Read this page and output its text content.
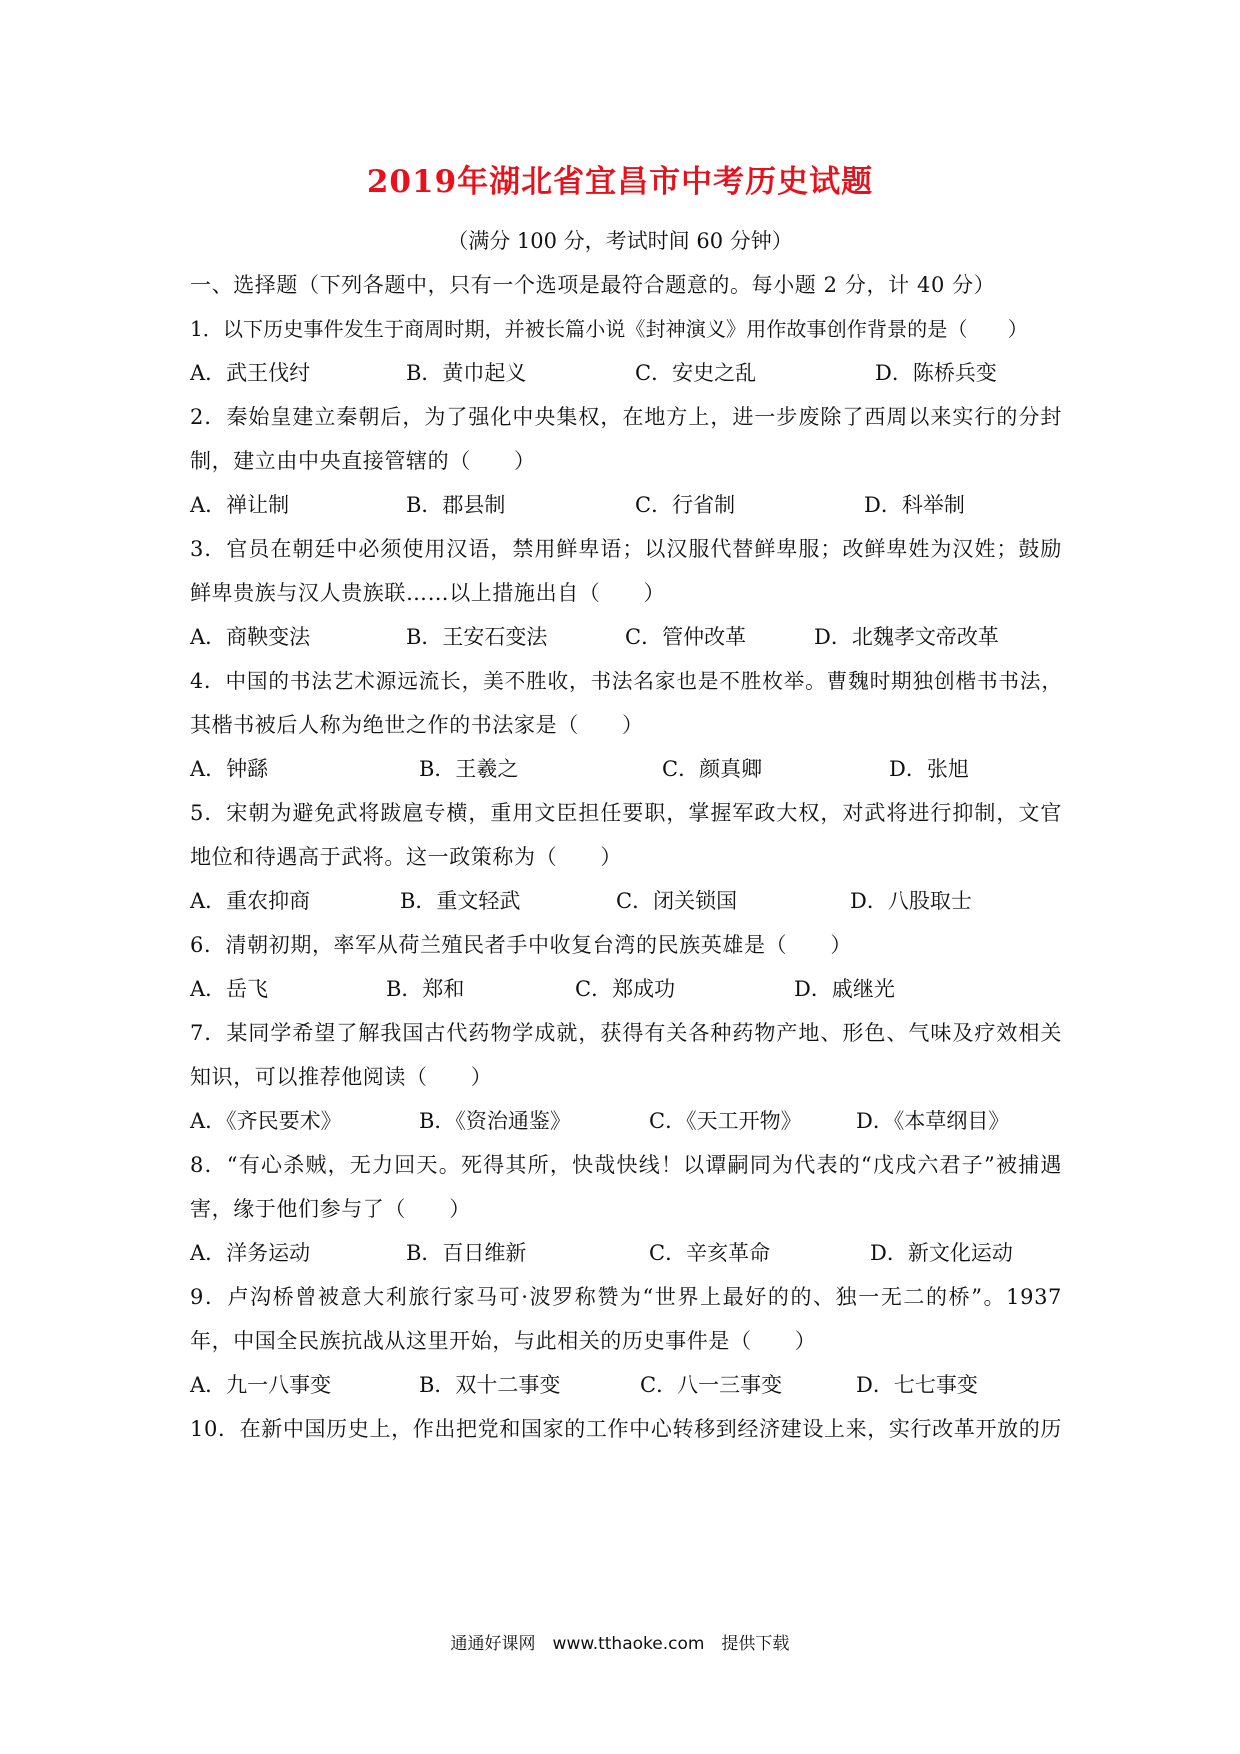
2019年湖北省宜昌市中考历史试题
（满分 100 分，考试时间 60 分钟）
一、选择题（下列各题中，只有一个选项是最符合题意的。每小题 2 分，计 40 分）
1．以下历史事件发生于商周时期，并被长篇小说《封神演义》用作故事创作背景的是（　　）
A．武王伐纣	B．黄巾起义	C．安史之乱	D．陈桥兵变
2．秦始皇建立秦朝后，为了强化中央集权，在地方上，进一步废除了西周以来实行的分封
制，建立由中央直接管辖的（　　）
A．禅让制	B．郡县制	C．行省制	D．科举制
3．官员在朝廷中必须使用汉语，禁用鲜卑语；以汉服代替鲜卑服；改鲜卑姓为汉姓；鼓励
鲜卑贵族与汉人贵族联……以上措施出自（　　）
A．商鞅变法	B．王安石变法	C．管仲改革	D．北魏孝文帝改革
4．中国的书法艺术源远流长，美不胜收，书法名家也是不胜枚举。曹魏时期独创楷书书法，
其楷书被后人称为绝世之作的书法家是（　　）
A．钟繇	B．王羲之	C．颜真卿	D．张旭
5．宋朝为避免武将跋扈专横，重用文臣担任要职，掌握军政大权，对武将进行抑制，文官
地位和待遇高于武将。这一政策称为（　　）
A．重农抑商	B．重文轻武	C．闭关锁国	D．八股取士
6．清朝初期，率军从荷兰殖民者手中收复台湾的民族英雄是（　　）
A．岳飞	B．郑和	C．郑成功	D．戚继光
7．某同学希望了解我国古代药物学成就，获得有关各种药物产地、形色、气味及疗效相关
知识，可以推荐他阅读（　　）
A．《齐民要术》	B．《资治通鉴》	C．《天工开物》	D．《本草纲目》
8．“有心杀贼，无力回天。死得其所，快哉快线！以谭嗣同为代表的“戊戌六君子”被捕遇
害，缘于他们参与了（　　）
A．洋务运动	B．百日维新	C．辛亥革命	D．新文化运动
9．卢沟桥曾被意大利旅行家马可·波罗称赞为“世界上最好的的、独一无二的桥”。1937
年，中国全民族抗战从这里开始，与此相关的历史事件是（　　）
A．九一八事变	B．双十二事变	C．八一三事变	D．七七事变
10．在新中国历史上，作出把党和国家的工作中心转移到经济建设上来，实行改革开放的历
通通好课网　www.tthaoke.com　提供下载
